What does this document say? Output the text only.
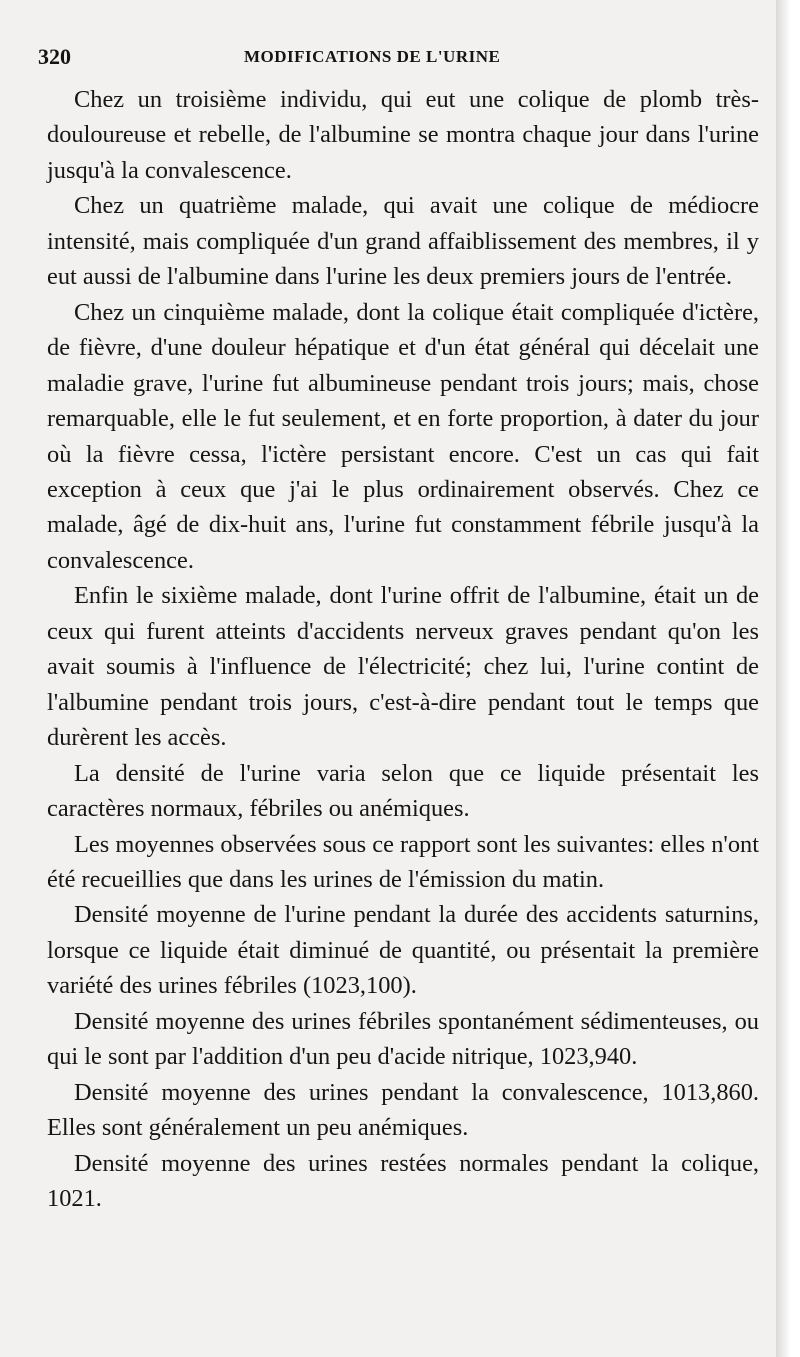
320	MODIFICATIONS DE L'URINE

Chez un troisième individu, qui eut une colique de plomb très-douloureuse et rebelle, de l'albumine se montra chaque jour dans l'urine jusqu'à la convalescence.

Chez un quatrième malade, qui avait une colique de médiocre intensité, mais compliquée d'un grand affaiblissement des membres, il y eut aussi de l'albumine dans l'urine les deux premiers jours de l'entrée.

Chez un cinquième malade, dont la colique était compliquée d'ictère, de fièvre, d'une douleur hépatique et d'un état général qui décelait une maladie grave, l'urine fut albumineuse pendant trois jours; mais, chose remarquable, elle le fut seulement, et en forte proportion, à dater du jour où la fièvre cessa, l'ictère persistant encore. C'est un cas qui fait exception à ceux que j'ai le plus ordinairement observés. Chez ce malade, âgé de dix-huit ans, l'urine fut constamment fébrile jusqu'à la convalescence.

Enfin le sixième malade, dont l'urine offrit de l'albumine, était un de ceux qui furent atteints d'accidents nerveux graves pendant qu'on les avait soumis à l'influence de l'électricité; chez lui, l'urine contint de l'albumine pendant trois jours, c'est-à-dire pendant tout le temps que durèrent les accès.

La densité de l'urine varia selon que ce liquide présentait les caractères normaux, fébriles ou anémiques.

Les moyennes observées sous ce rapport sont les suivantes: elles n'ont été recueillies que dans les urines de l'émission du matin.

Densité moyenne de l'urine pendant la durée des accidents saturnins, lorsque ce liquide était diminué de quantité, ou présentait la première variété des urines fébriles (1023,100).

Densité moyenne des urines fébriles spontanément sédimenteuses, ou qui le sont par l'addition d'un peu d'acide nitrique, 1023,940.

Densité moyenne des urines pendant la convalescence, 1013,860. Elles sont généralement un peu anémiques.

Densité moyenne des urines restées normales pendant la colique, 1021.
